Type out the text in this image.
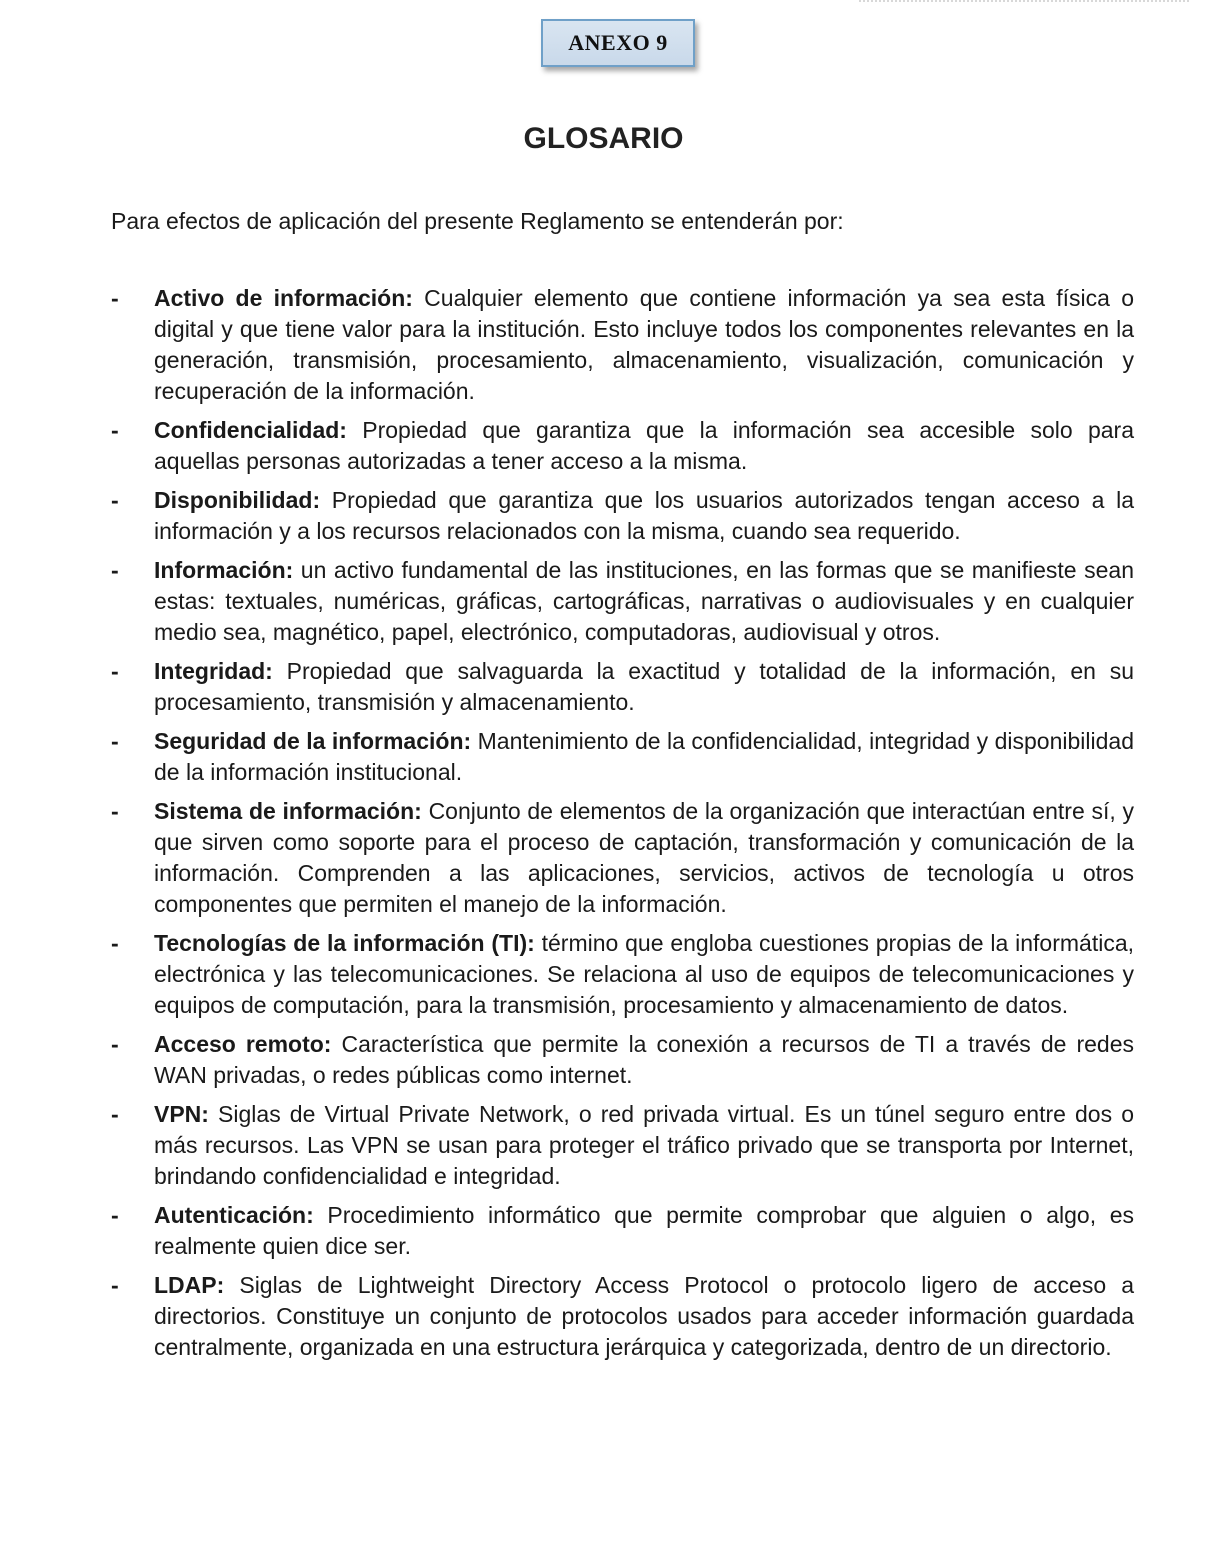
ANEXO 9
GLOSARIO

Para efectos de aplicación del presente Reglamento se entenderán por:

-	Activo de información: Cualquier elemento que contiene información ya sea esta física o digital y que tiene valor para la institución. Esto incluye todos los componentes relevantes en la generación, transmisión, procesamiento, almacenamiento, visualización, comunicación y recuperación de la información.

-	Confidencialidad: Propiedad que garantiza que la información sea accesible solo para aquellas personas autorizadas a tener acceso a la misma.

-	Disponibilidad: Propiedad que garantiza que los usuarios autorizados tengan acceso a la información y a los recursos relacionados con la misma, cuando sea requerido.

-	Información: un activo fundamental de las instituciones, en las formas que se manifieste sean estas: textuales, numéricas, gráficas, cartográficas, narrativas o audiovisuales y en cualquier medio sea, magnético, papel, electrónico, computadoras, audiovisual y otros.

-	Integridad: Propiedad que salvaguarda la exactitud y totalidad de la información, en su procesamiento, transmisión y almacenamiento.

-	Seguridad de la información: Mantenimiento de la confidencialidad, integridad y disponibilidad de la información institucional.

-	Sistema de información: Conjunto de elementos de la organización que interactúan entre sí, y que sirven como soporte para el proceso de captación, transformación y comunicación de la información. Comprenden a las aplicaciones, servicios, activos de tecnología u otros componentes que permiten el manejo de la información.

-	Tecnologías de la información (TI): término que engloba cuestiones propias de la informática, electrónica y las telecomunicaciones. Se relaciona al uso de equipos de telecomunicaciones y equipos de computación, para la transmisión, procesamiento y almacenamiento de datos.

-	Acceso remoto: Característica que permite la conexión a recursos de TI a través de redes WAN privadas, o redes públicas como internet.

-	VPN: Siglas de Virtual Private Network, o red privada virtual. Es un túnel seguro entre dos o más recursos. Las VPN se usan para proteger el tráfico privado que se transporta por Internet, brindando confidencialidad e integridad.

-	Autenticación: Procedimiento informático que permite comprobar que alguien o algo, es realmente quien dice ser.

-	LDAP: Siglas de Lightweight Directory Access Protocol o protocolo ligero de acceso a directorios. Constituye un conjunto de protocolos usados para acceder información guardada centralmente, organizada en una estructura jerárquica y categorizada, dentro de un directorio.
